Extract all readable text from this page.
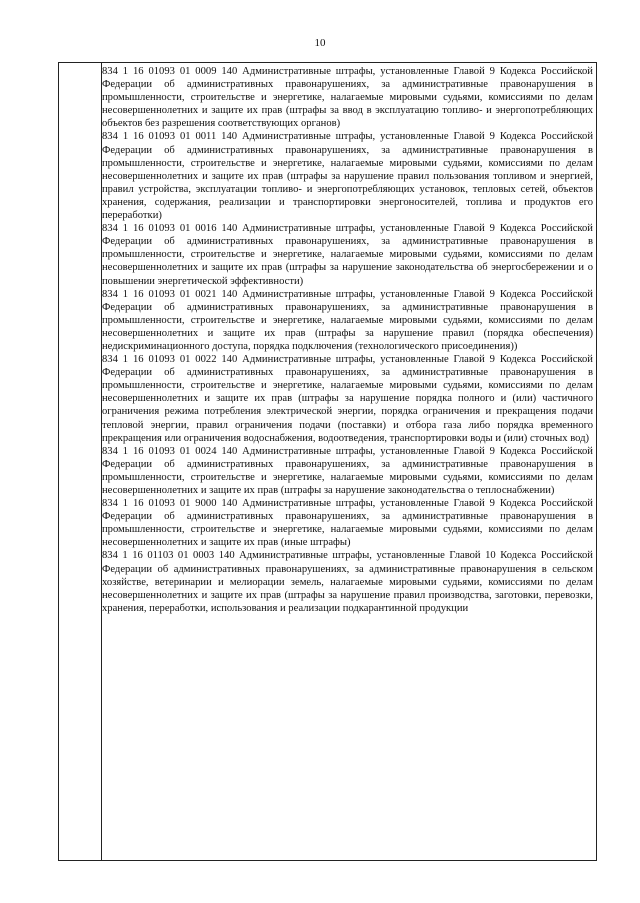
10
834 1 16 01093 01 0009 140 Административные штрафы, установленные Главой 9 Кодекса Российской Федерации об административных правонарушениях, за административные правонарушения в промышленности, строительстве и энергетике, налагаемые мировыми судьями, комиссиями по делам несовершеннолетних и защите их прав (штрафы за ввод в эксплуатацию топливо- и энергопотребляющих объектов без разрешения соответствующих органов)
834 1 16 01093 01 0011 140 Административные штрафы, установленные Главой 9 Кодекса Российской Федерации об административных правонарушениях, за административные правонарушения в промышленности, строительстве и энергетике, налагаемые мировыми судьями, комиссиями по делам несовершеннолетних и защите их прав (штрафы за нарушение правил пользования топливом и энергией, правил устройства, эксплуатации топливо- и энергопотребляющих установок, тепловых сетей, объектов хранения, содержания, реализации и транспортировки энергоносителей, топлива и продуктов его переработки)
834 1 16 01093 01 0016 140 Административные штрафы, установленные Главой 9 Кодекса Российской Федерации об административных правонарушениях, за административные правонарушения в промышленности, строительстве и энергетике, налагаемые мировыми судьями, комиссиями по делам несовершеннолетних и защите их прав (штрафы за нарушение законодательства об энергосбережении и о повышении энергетической эффективности)
834 1 16 01093 01 0021 140 Административные штрафы, установленные Главой 9 Кодекса Российской Федерации об административных правонарушениях, за административные правонарушения в промышленности, строительстве и энергетике, налагаемые мировыми судьями, комиссиями по делам несовершеннолетних и защите их прав (штрафы за нарушение правил (порядка обеспечения) недискриминационного доступа, порядка подключения (технологического присоединения))
834 1 16 01093 01 0022 140 Административные штрафы, установленные Главой 9 Кодекса Российской Федерации об административных правонарушениях, за административные правонарушения в промышленности, строительстве и энергетике, налагаемые мировыми судьями, комиссиями по делам несовершеннолетних и защите их прав (штрафы за нарушение порядка полного и (или) частичного ограничения режима потребления электрической энергии, порядка ограничения и прекращения подачи тепловой энергии, правил ограничения подачи (поставки) и отбора газа либо порядка временного прекращения или ограничения водоснабжения, водоотведения, транспортировки воды и (или) сточных вод)
834 1 16 01093 01 0024 140 Административные штрафы, установленные Главой 9 Кодекса Российской Федерации об административных правонарушениях, за административные правонарушения в промышленности, строительстве и энергетике, налагаемые мировыми судьями, комиссиями по делам несовершеннолетних и защите их прав (штрафы за нарушение законодательства о теплоснабжении)
834 1 16 01093 01 9000 140 Административные штрафы, установленные Главой 9 Кодекса Российской Федерации об административных правонарушениях, за административные правонарушения в промышленности, строительстве и энергетике, налагаемые мировыми судьями, комиссиями по делам несовершеннолетних и защите их прав (иные штрафы)
834 1 16 01103 01 0003 140 Административные штрафы, установленные Главой 10 Кодекса Российской Федерации об административных правонарушениях, за административные правонарушения в сельском хозяйстве, ветеринарии и мелиорации земель, налагаемые мировыми судьями, комиссиями по делам несовершеннолетних и защите их прав (штрафы за нарушение правил производства, заготовки, перевозки, хранения, переработки, использования и реализации подкарантинной продукции
